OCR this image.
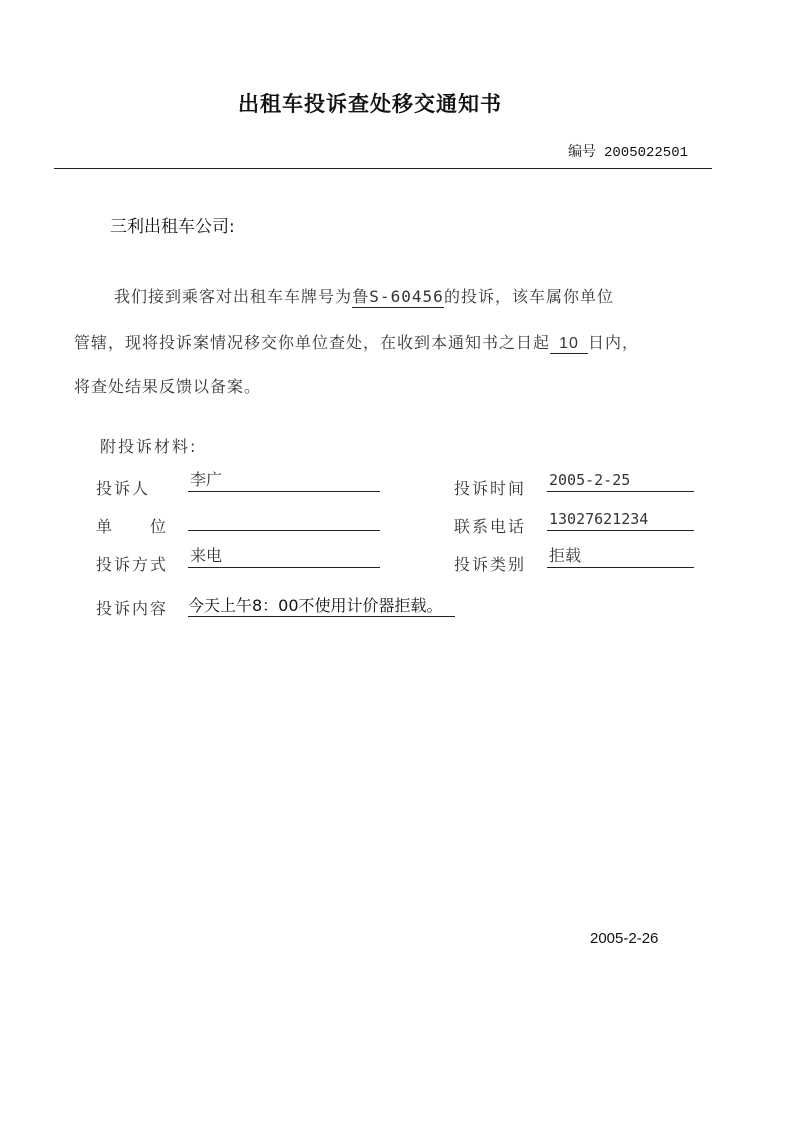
出租车投诉查处移交通知书
编号 2005022501
三利出租车公司:
我们接到乘客对出租车车牌号为鲁S-60456的投诉，该车属你单位
管辖，现将投诉案情况移交你单位查处，在收到本通知书之日起 10 日内，
将查处结果反馈以备案。
附投诉材料:
投诉人 李广	投诉时间 2005-2-25
单　　位	联系电话 13027621234
投诉方式 来电	投诉类别 拒载
投诉内容 今天上午8：00不使用计价器拒载。
2005-2-26
